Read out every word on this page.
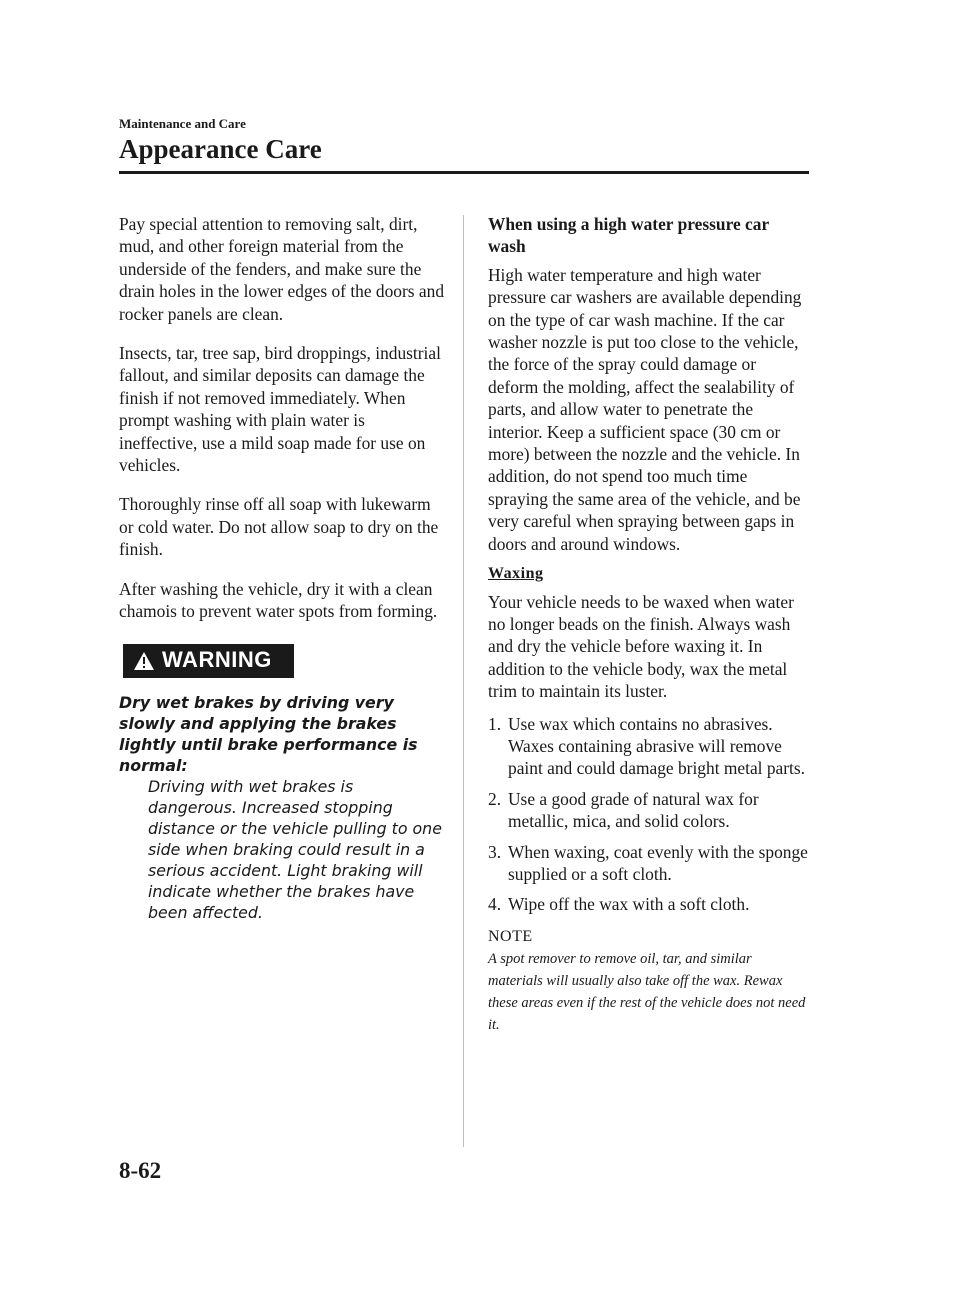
Maintenance and Care
Appearance Care

Pay special attention to removing salt, dirt, mud, and other foreign material from the underside of the fenders, and make sure the drain holes in the lower edges of the doors and rocker panels are clean.

Insects, tar, tree sap, bird droppings, industrial fallout, and similar deposits can damage the finish if not removed immediately. When prompt washing with plain water is ineffective, use a mild soap made for use on vehicles.

Thoroughly rinse off all soap with lukewarm or cold water. Do not allow soap to dry on the finish.

After washing the vehicle, dry it with a clean chamois to prevent water spots from forming.

WARNING

Dry wet brakes by driving very slowly and applying the brakes lightly until brake performance is normal:

Driving with wet brakes is dangerous. Increased stopping distance or the vehicle pulling to one side when braking could result in a serious accident. Light braking will indicate whether the brakes have been affected.

When using a high water pressure car wash

High water temperature and high water pressure car washers are available depending on the type of car wash machine. If the car washer nozzle is put too close to the vehicle, the force of the spray could damage or deform the molding, affect the sealability of parts, and allow water to penetrate the interior. Keep a sufficient space (30 cm or more) between the nozzle and the vehicle. In addition, do not spend too much time spraying the same area of the vehicle, and be very careful when spraying between gaps in doors and around windows.

Waxing

Your vehicle needs to be waxed when water no longer beads on the finish. Always wash and dry the vehicle before waxing it. In addition to the vehicle body, wax the metal trim to maintain its luster.

1. Use wax which contains no abrasives. Waxes containing abrasive will remove paint and could damage bright metal parts.
2. Use a good grade of natural wax for metallic, mica, and solid colors.
3. When waxing, coat evenly with the sponge supplied or a soft cloth.
4. Wipe off the wax with a soft cloth.

NOTE

A spot remover to remove oil, tar, and similar materials will usually also take off the wax. Rewax these areas even if the rest of the vehicle does not need it.

8-62
